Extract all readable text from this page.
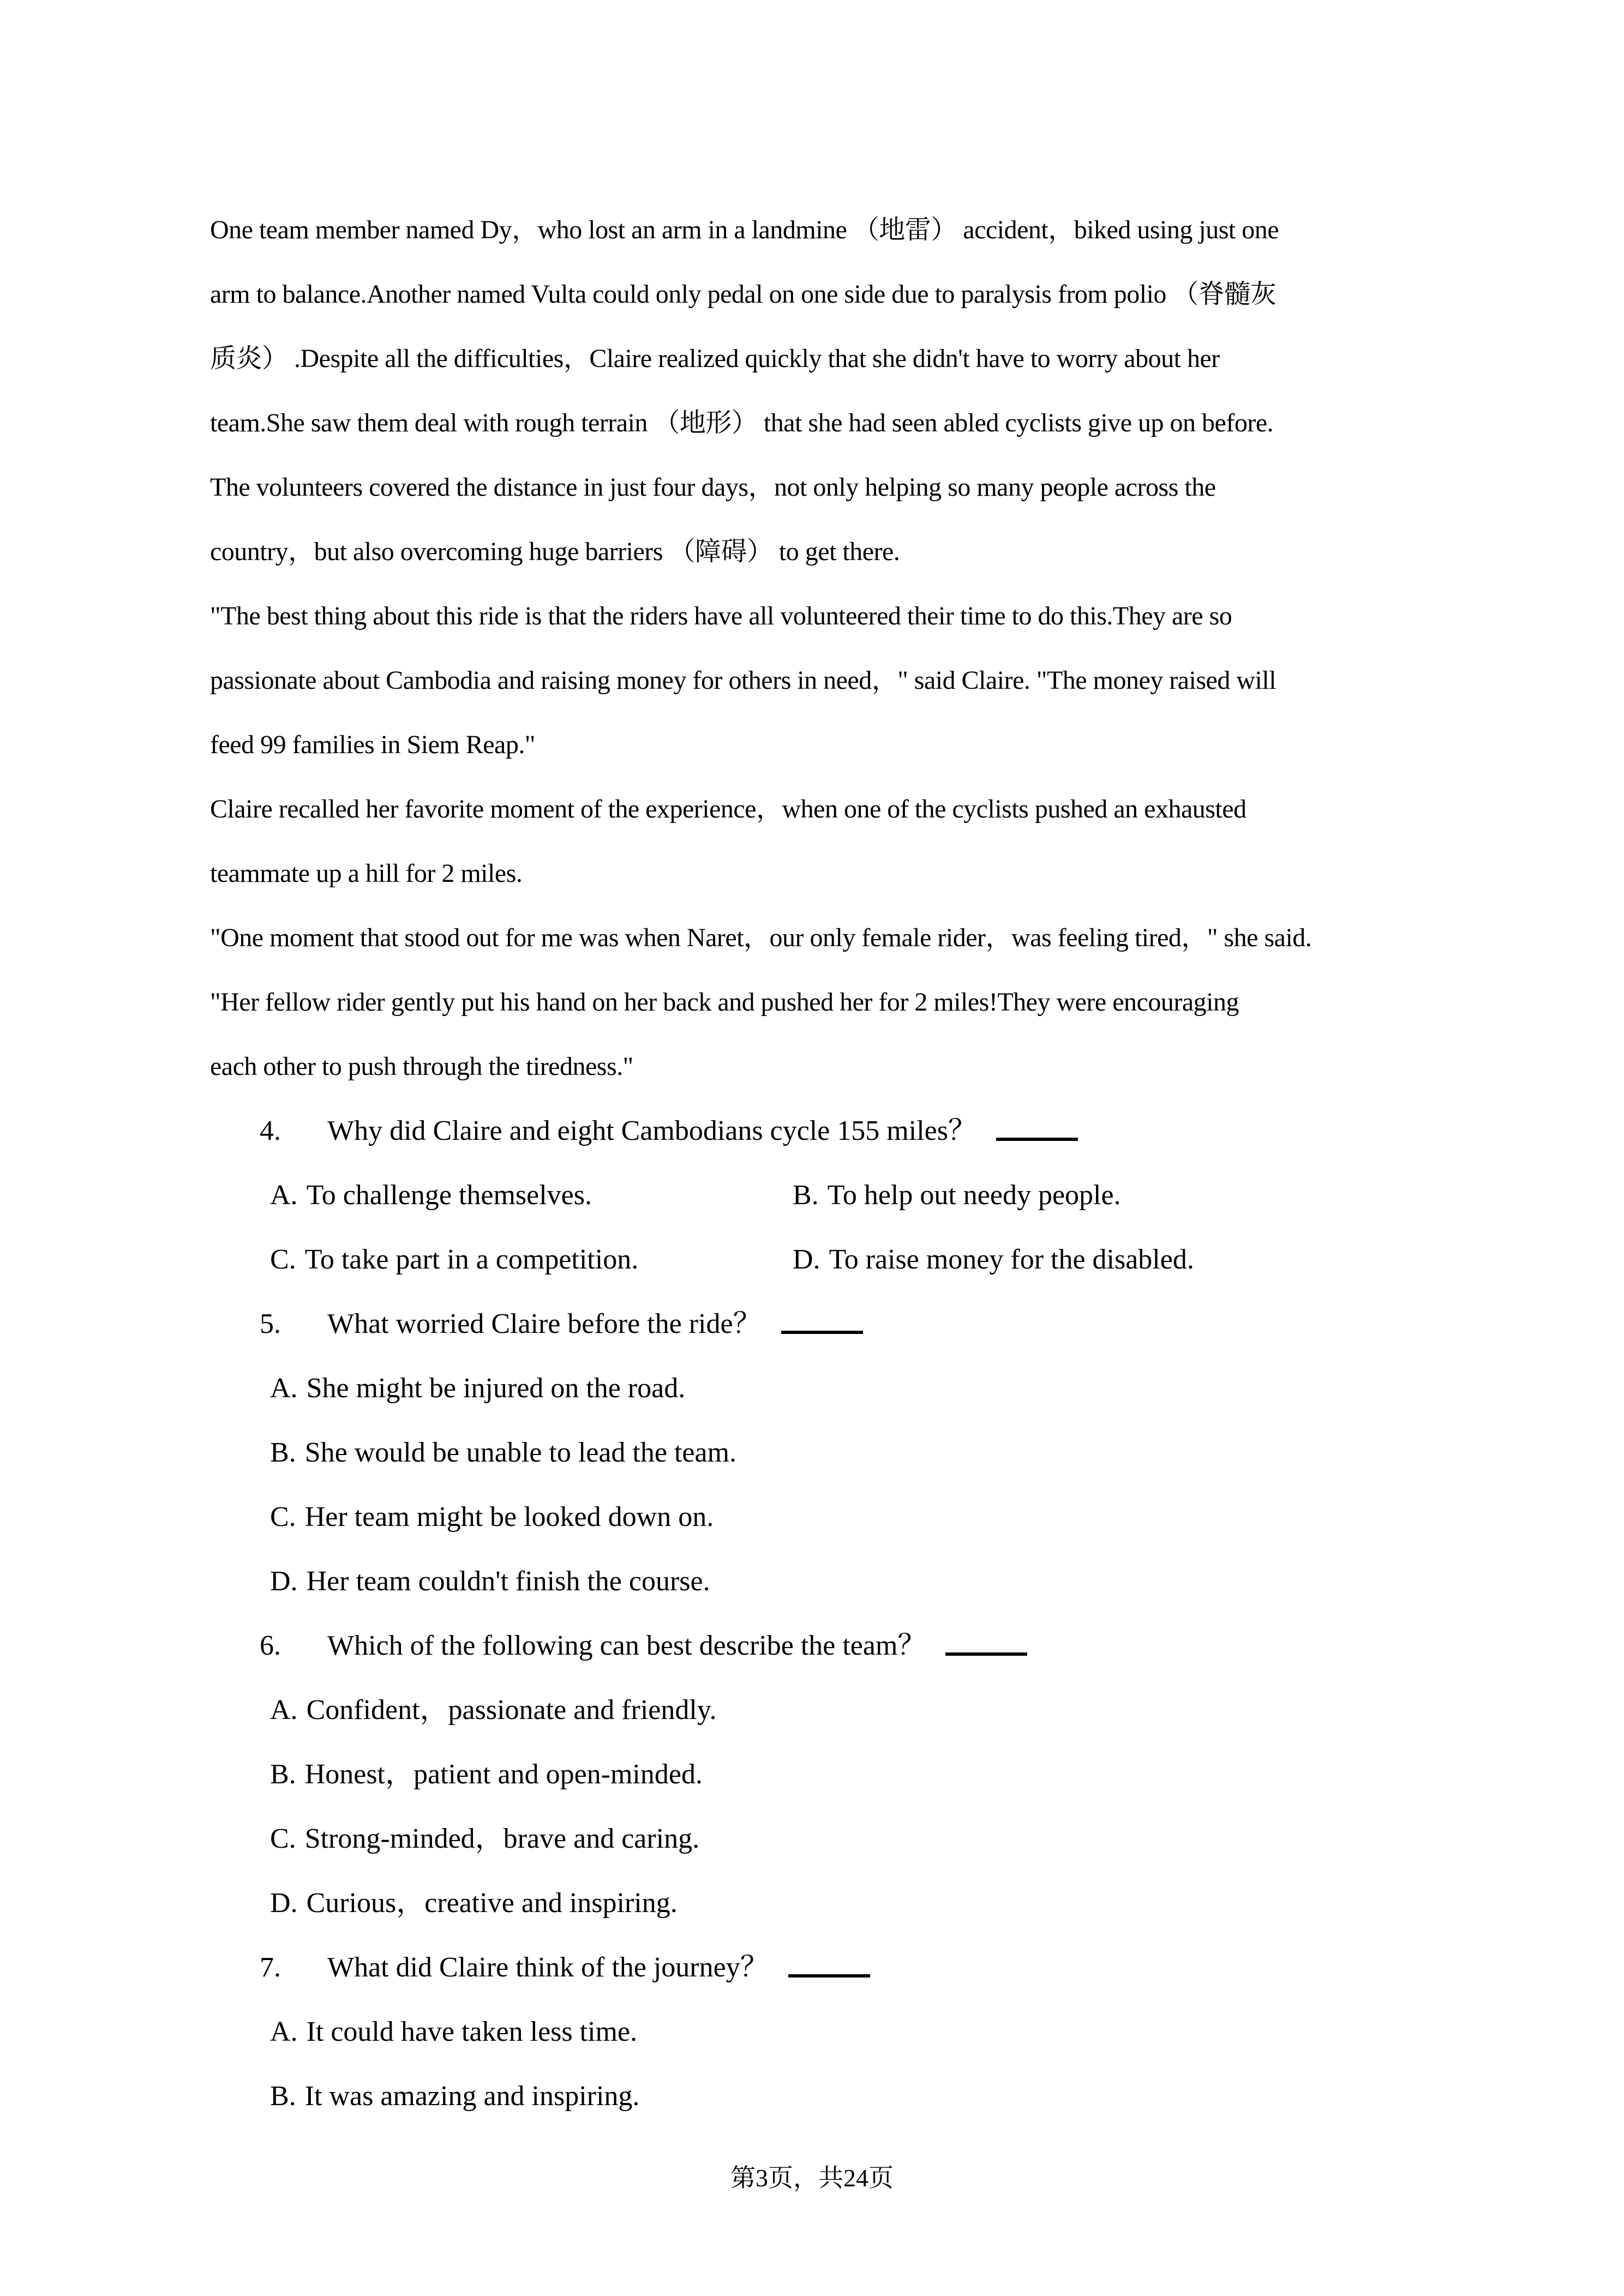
One team member named Dy，who lost an arm in a landmine （地雷） accident，biked using just one
arm to balance.Another named Vulta could only pedal on one side due to paralysis from polio （脊髓灰
质炎） .Despite all the difficulties，Claire realized quickly that she didn't have to worry about her
team.She saw them deal with rough terrain （地形） that she had seen abled cyclists give up on before.
The volunteers covered the distance in just four days，not only helping so many people across the
country，but also overcoming huge barriers （障碍） to get there.
"The best thing about this ride is that the riders have all volunteered their time to do this.They are so
passionate about Cambodia and raising money for others in need，" said Claire. "The money raised will
feed 99 families in Siem Reap."
Claire recalled her favorite moment of the experience，when one of the cyclists pushed an exhausted
teammate up a hill for 2 miles.
"One moment that stood out for me was when Naret，our only female rider，was feeling tired，" she said.
"Her fellow rider gently put his hand on her back and pushed her for 2 miles!They were encouraging
each other to push through the tiredness."
4. Why did Claire and eight Cambodians cycle 155 miles？
A. To challenge themselves.	B. To help out needy people.
C. To take part in a competition.	D. To raise money for the disabled.
5. What worried Claire before the ride？
A. She might be injured on the road.
B. She would be unable to lead the team.
C. Her team might be looked down on.
D. Her team couldn't finish the course.
6. Which of the following can best describe the team？
A. Confident，passionate and friendly.
B. Honest，patient and open-minded.
C. Strong-minded，brave and caring.
D. Curious，creative and inspiring.
7. What did Claire think of the journey？
A. It could have taken less time.
B. It was amazing and inspiring.
第3页，共24页
